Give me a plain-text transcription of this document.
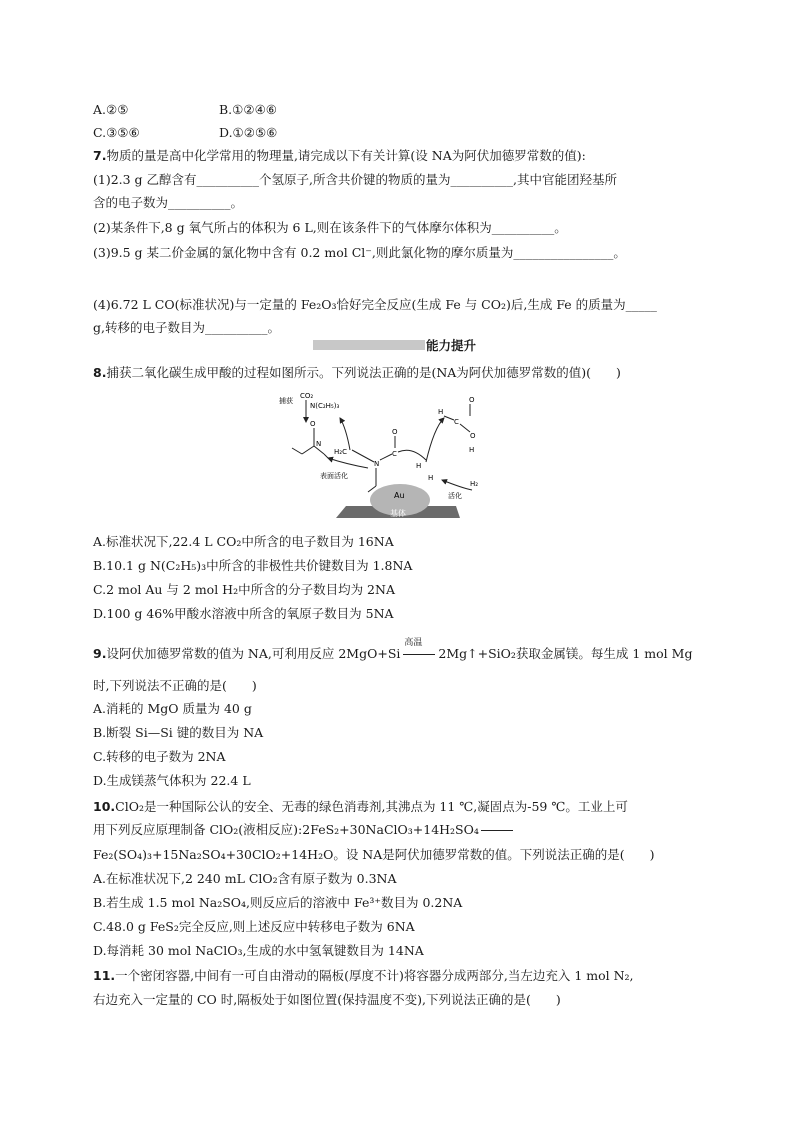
A.②⑤	B.①②④⑥
C.③⑤⑥	D.①②⑤⑥
7.物质的量是高中化学常用的物理量,请完成以下有关计算(设 NA为阿伏加德罗常数的值):
(1)2.3 g 乙醇含有__________个氢原子,所含共价键的物质的量为__________,其中官能团羟基所
含的电子数为__________。
(2)某条件下,8 g 氧气所占的体积为 6 L,则在该条件下的气体摩尔体积为__________。
(3)9.5 g 某二价金属的氯化物中含有 0.2 mol Cl⁻,则此氯化物的摩尔质量为________________。
(4)6.72 L CO(标准状况)与一定量的 Fe₂O₃恰好完全反应(生成 Fe 与 CO₂)后,生成 Fe 的质量为_____
g,转移的电子数目为__________。
能力提升
8.捕获二氧化碳生成甲酸的过程如图所示。下列说法正确的是(NA为阿伏加德罗常数的值)(　　)
Au
基体
CO₂
N(C₂H₅)₃
捕获
O
N
表面活化
H₂C
N
C
O
H
H
O
C
H
O
H
H₂
活化
A.标准状况下,22.4 L CO₂中所含的电子数目为 16NA
B.10.1 g N(C₂H₅)₃中所含的非极性共价键数目为 1.8NA
C.2 mol Au 与 2 mol H₂中所含的分子数目均为 2NA
D.100 g 46%甲酸水溶液中所含的氧原子数目为 5NA
9.设阿伏加德罗常数的值为 NA,可利用反应 2MgO+Si
高温
2Mg↑+SiO₂获取金属镁。每生成 1 mol Mg
时,下列说法不正确的是(　　)
A.消耗的 MgO 质量为 40 g
B.断裂 Si—Si 键的数目为 NA
C.转移的电子数为 2NA
D.生成镁蒸气体积为 22.4 L
10.ClO₂是一种国际公认的安全、无毒的绿色消毒剂,其沸点为 11 ℃,凝固点为-59 ℃。工业上可
用下列反应原理制备 ClO₂(液相反应):2FeS₂+30NaClO₃+14H₂SO₄
Fe₂(SO₄)₃+15Na₂SO₄+30ClO₂+14H₂O。设 NA是阿伏加德罗常数的值。下列说法正确的是(　　)
A.在标准状况下,2 240 mL ClO₂含有原子数为 0.3NA
B.若生成 1.5 mol Na₂SO₄,则反应后的溶液中 Fe³⁺数目为 0.2NA
C.48.0 g FeS₂完全反应,则上述反应中转移电子数为 6NA
D.每消耗 30 mol NaClO₃,生成的水中氢氧键数目为 14NA
11.一个密闭容器,中间有一可自由滑动的隔板(厚度不计)将容器分成两部分,当左边充入 1 mol N₂,
右边充入一定量的 CO 时,隔板处于如图位置(保持温度不变),下列说法正确的是(　　)
